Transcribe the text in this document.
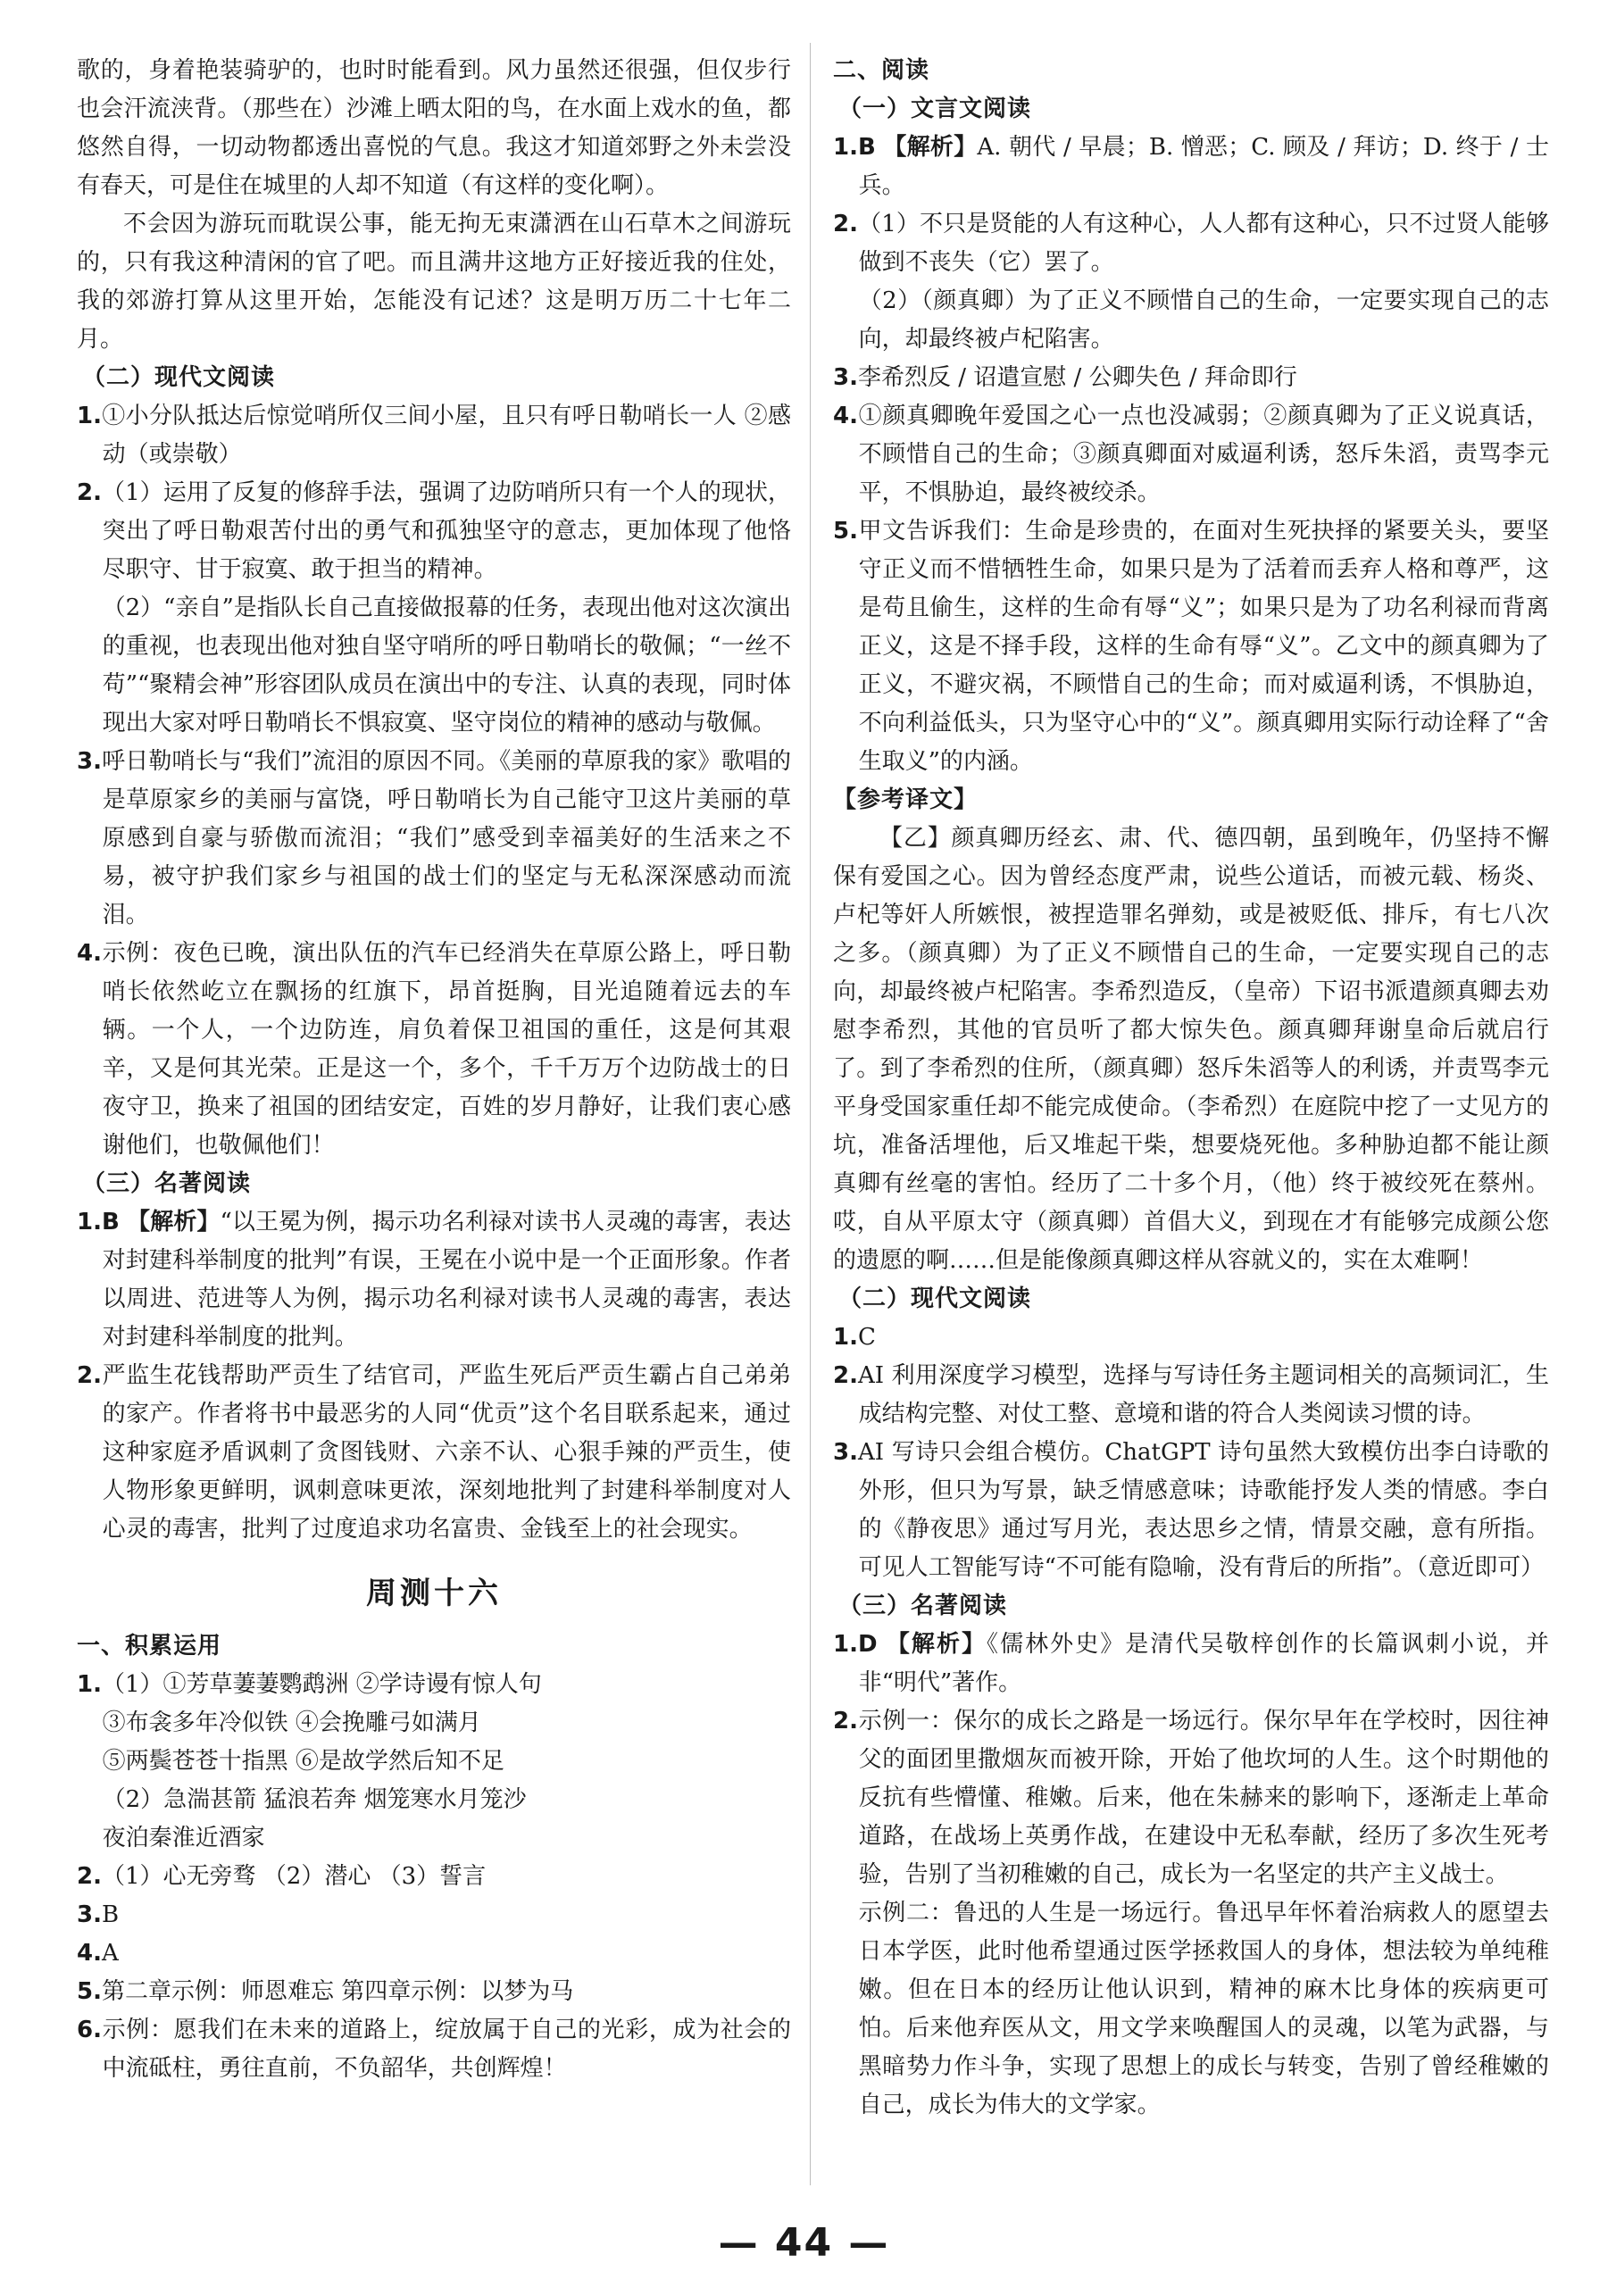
歌的，身着艳装骑驴的，也时时能看到。风力虽然还很强，但仅步行也会汗流浃背。（那些在）沙滩上晒太阳的鸟，在水面上戏水的鱼，都悠然自得，一切动物都透出喜悦的气息。我这才知道郊野之外未尝没有春天，可是住在城里的人却不知道（有这样的变化啊）。

不会因为游玩而耽误公事，能无拘无束潇洒在山石草木之间游玩的，只有我这种清闲的官了吧。而且满井这地方正好接近我的住处，我的郊游打算从这里开始，怎能没有记述？这是明万历二十七年二月。

（二）现代文阅读

1.①小分队抵达后惊觉哨所仅三间小屋，且只有呼日勒哨长一人 ②感动（或崇敬）

2.（1）运用了反复的修辞手法，强调了边防哨所只有一个人的现状，突出了呼日勒艰苦付出的勇气和孤独坚守的意志，更加体现了他恪尽职守、甘于寂寞、敢于担当的精神。

（2）“亲自”是指队长自己直接做报幕的任务，表现出他对这次演出的重视，也表现出他对独自坚守哨所的呼日勒哨长的敬佩；“一丝不苟”“聚精会神”形容团队成员在演出中的专注、认真的表现，同时体现出大家对呼日勒哨长不惧寂寞、坚守岗位的精神的感动与敬佩。

3.呼日勒哨长与“我们”流泪的原因不同。《美丽的草原我的家》歌唱的是草原家乡的美丽与富饶，呼日勒哨长为自己能守卫这片美丽的草原感到自豪与骄傲而流泪；“我们”感受到幸福美好的生活来之不易，被守护我们家乡与祖国的战士们的坚定与无私深深感动而流泪。

4.示例：夜色已晚，演出队伍的汽车已经消失在草原公路上，呼日勒哨长依然屹立在飘扬的红旗下，昂首挺胸，目光追随着远去的车辆。一个人，一个边防连，肩负着保卫祖国的重任，这是何其艰辛，又是何其光荣。正是这一个，多个，千千万万个边防战士的日夜守卫，换来了祖国的团结安定，百姓的岁月静好，让我们衷心感谢他们，也敬佩他们！

（三）名著阅读

1.B 【解析】“以王冕为例，揭示功名利禄对读书人灵魂的毒害，表达对封建科举制度的批判”有误，王冕在小说中是一个正面形象。作者以周进、范进等人为例，揭示功名利禄对读书人灵魂的毒害，表达对封建科举制度的批判。

2.严监生花钱帮助严贡生了结官司，严监生死后严贡生霸占自己弟弟的家产。作者将书中最恶劣的人同“优贡”这个名目联系起来，通过这种家庭矛盾讽刺了贪图钱财、六亲不认、心狠手辣的严贡生，使人物形象更鲜明，讽刺意味更浓，深刻地批判了封建科举制度对人心灵的毒害，批判了过度追求功名富贵、金钱至上的社会现实。

周测十六

一、积累运用

1.（1）①芳草萋萋鹦鹉洲 ②学诗谩有惊人句

③布衾多年冷似铁 ④会挽雕弓如满月

⑤两鬓苍苍十指黑 ⑥是故学然后知不足

（2）急湍甚箭 猛浪若奔 烟笼寒水月笼沙

夜泊秦淮近酒家

2.（1）心无旁骛 （2）潜心 （3）誓言

3.B

4.A

5.第二章示例：师恩难忘 第四章示例：以梦为马

6.示例：愿我们在未来的道路上，绽放属于自己的光彩，成为社会的中流砥柱，勇往直前，不负韶华，共创辉煌！

二、阅读

（一）文言文阅读

1.B 【解析】A. 朝代 / 早晨；B. 憎恶；C. 顾及 / 拜访；D. 终于 / 士兵。

2.（1）不只是贤能的人有这种心，人人都有这种心，只不过贤人能够做到不丧失（它）罢了。

（2）（颜真卿）为了正义不顾惜自己的生命，一定要实现自己的志向，却最终被卢杞陷害。

3.李希烈反 / 诏遣宣慰 / 公卿失色 / 拜命即行

4.①颜真卿晚年爱国之心一点也没减弱；②颜真卿为了正义说真话，不顾惜自己的生命；③颜真卿面对威逼利诱，怒斥朱滔，责骂李元平，不惧胁迫，最终被绞杀。

5.甲文告诉我们：生命是珍贵的，在面对生死抉择的紧要关头，要坚守正义而不惜牺牲生命，如果只是为了活着而丢弃人格和尊严，这是苟且偷生，这样的生命有辱“义”；如果只是为了功名利禄而背离正义，这是不择手段，这样的生命有辱“义”。乙文中的颜真卿为了正义，不避灾祸，不顾惜自己的生命；而对威逼利诱，不惧胁迫，不向利益低头，只为坚守心中的“义”。颜真卿用实际行动诠释了“舍生取义”的内涵。

【参考译文】

【乙】颜真卿历经玄、肃、代、德四朝，虽到晚年，仍坚持不懈保有爱国之心。因为曾经态度严肃，说些公道话，而被元载、杨炎、卢杞等奸人所嫉恨，被捏造罪名弹劾，或是被贬低、排斥，有七八次之多。（颜真卿）为了正义不顾惜自己的生命，一定要实现自己的志向，却最终被卢杞陷害。李希烈造反，（皇帝）下诏书派遣颜真卿去劝慰李希烈，其他的官员听了都大惊失色。颜真卿拜谢皇命后就启行了。到了李希烈的住所，（颜真卿）怒斥朱滔等人的利诱，并责骂李元平身受国家重任却不能完成使命。（李希烈）在庭院中挖了一丈见方的坑，准备活埋他，后又堆起干柴，想要烧死他。多种胁迫都不能让颜真卿有丝毫的害怕。经历了二十多个月，（他）终于被绞死在蔡州。哎，自从平原太守（颜真卿）首倡大义，到现在才有能够完成颜公您的遗愿的啊……但是能像颜真卿这样从容就义的，实在太难啊！

（二）现代文阅读

1.C

2.AI 利用深度学习模型，选择与写诗任务主题词相关的高频词汇，生成结构完整、对仗工整、意境和谐的符合人类阅读习惯的诗。

3.AI 写诗只会组合模仿。ChatGPT 诗句虽然大致模仿出李白诗歌的外形，但只为写景，缺乏情感意味；诗歌能抒发人类的情感。李白的《静夜思》通过写月光，表达思乡之情，情景交融，意有所指。可见人工智能写诗“不可能有隐喻，没有背后的所指”。（意近即可）

（三）名著阅读

1.D 【解析】《儒林外史》是清代吴敬梓创作的长篇讽刺小说，并非“明代”著作。

2.示例一：保尔的成长之路是一场远行。保尔早年在学校时，因往神父的面团里撒烟灰而被开除，开始了他坎坷的人生。这个时期他的反抗有些懵懂、稚嫩。后来，他在朱赫来的影响下，逐渐走上革命道路，在战场上英勇作战，在建设中无私奉献，经历了多次生死考验，告别了当初稚嫩的自己，成长为一名坚定的共产主义战士。

示例二：鲁迅的人生是一场远行。鲁迅早年怀着治病救人的愿望去日本学医，此时他希望通过医学拯救国人的身体，想法较为单纯稚嫩。但在日本的经历让他认识到，精神的麻木比身体的疾病更可怕。后来他弃医从文，用文学来唤醒国人的灵魂，以笔为武器，与黑暗势力作斗争，实现了思想上的成长与转变，告别了曾经稚嫩的自己，成长为伟大的文学家。

— 44 —
